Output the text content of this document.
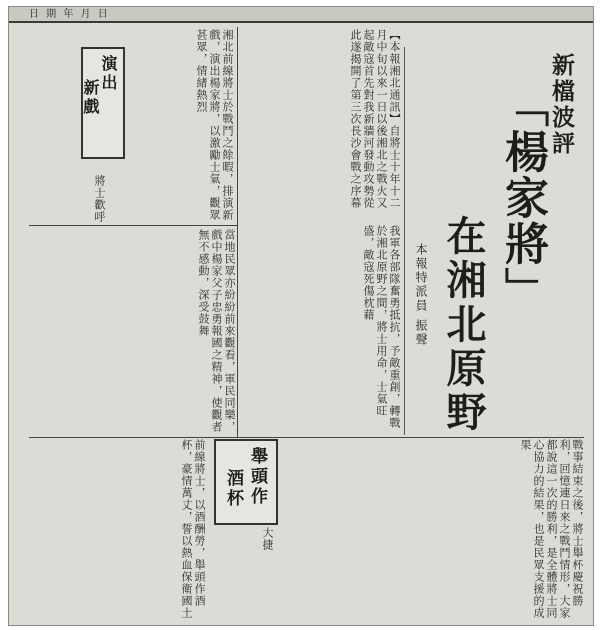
日 期 年 月 日
新檔波評
「楊家將」
在湘北原野
本報特派員 振聲
【本報湘北通訊】自將士十年十二月中旬以來一日以後湘北之戰火又起敵寇首先對我新牆河發動攻勢從此遂揭開了第三次長沙會戰之序幕
我軍各部隊奮勇抵抗，予敵重創，轉戰於湘北原野之間，將士用命，士氣旺盛，敵寇死傷枕藉
湘北前線將士於戰鬥之餘暇，排演新戲，演出楊家將，以激勵士氣，觀眾甚眾，情緒熱烈
將士歡呼
當地民眾亦紛紛前來觀看，軍民同樂，戲中楊家父子忠勇報國之精神，使觀者無不感動，深受鼓舞
戰事結束之後，將士舉杯慶祝勝利，回憶連日來之戰鬥情形，大家都說這一次的勝利，是全體將士同心協力的結果，也是民眾支援的成果
前線將士，以酒酬勞，舉頭作酒杯，豪情萬丈，誓以熱血保衛國土	大捷
演出
新戲
舉頭作
酒杯
